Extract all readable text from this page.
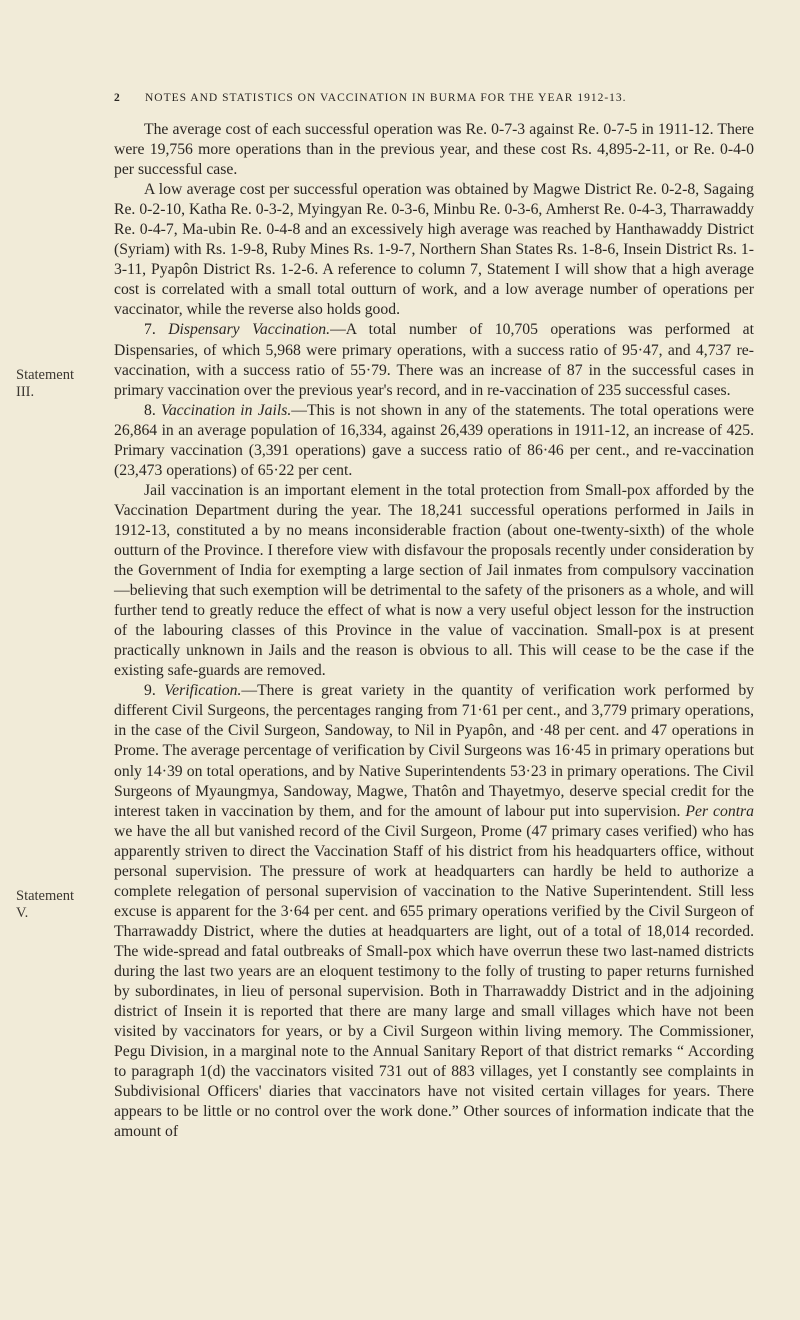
2 NOTES AND STATISTICS ON VACCINATION IN BURMA FOR THE YEAR 1912-13.
Statement III.
Statement V.

The average cost of each successful operation was Re. 0-7-3 against Re. 0-7-5 in 1911-12. There were 19,756 more operations than in the previous year, and these cost Rs. 4,895-2-11, or Re. 0-4-0 per successful case.

A low average cost per successful operation was obtained by Magwe District Re. 0-2-8, Sagaing Re. 0-2-10, Katha Re. 0-3-2, Myingyan Re. 0-3-6, Minbu Re. 0-3-6, Amherst Re. 0-4-3, Tharrawaddy Re. 0-4-7, Ma-ubin Re. 0-4-8 and an excessively high average was reached by Hanthawaddy District (Syriam) with Rs. 1-9-8, Ruby Mines Rs. 1-9-7, Northern Shan States Rs. 1-8-6, Insein District Rs. 1-3-11, Pyapôn District Rs. 1-2-6. A reference to column 7, Statement I will show that a high average cost is correlated with a small total outturn of work, and a low average number of operations per vaccinator, while the reverse also holds good.

7. Dispensary Vaccination.—A total number of 10,705 operations was performed at Dispensaries, of which 5,968 were primary operations, with a success ratio of 95·47, and 4,737 re-vaccination, with a success ratio of 55·79. There was an increase of 87 in the successful cases in primary vaccination over the previous year's record, and in re-vaccination of 235 successful cases.

8. Vaccination in Jails.—This is not shown in any of the statements. The total operations were 26,864 in an average population of 16,334, against 26,439 operations in 1911-12, an increase of 425. Primary vaccination (3,391 operations) gave a success ratio of 86·46 per cent., and re-vaccination (23,473 operations) of 65·22 per cent.

Jail vaccination is an important element in the total protection from Small-pox afforded by the Vaccination Department during the year. The 18,241 successful operations performed in Jails in 1912-13, constituted a by no means inconsiderable fraction (about one-twenty-sixth) of the whole outturn of the Province. I therefore view with disfavour the proposals recently under consideration by the Government of India for exempting a large section of Jail inmates from compulsory vaccination—believing that such exemption will be detrimental to the safety of the prisoners as a whole, and will further tend to greatly reduce the effect of what is now a very useful object lesson for the instruction of the labouring classes of this Province in the value of vaccination. Small-pox is at present practically unknown in Jails and the reason is obvious to all. This will cease to be the case if the existing safe-guards are removed.

9. Verification.—There is great variety in the quantity of verification work performed by different Civil Surgeons, the percentages ranging from 71·61 per cent., and 3,779 primary operations, in the case of the Civil Surgeon, Sandoway, to Nil in Pyapôn, and ·48 per cent. and 47 operations in Prome. The average percentage of verification by Civil Surgeons was 16·45 in primary operations but only 14·39 on total operations, and by Native Superintendents 53·23 in primary operations. The Civil Surgeons of Myaungmya, Sandoway, Magwe, Thatôn and Thayetmyo, deserve special credit for the interest taken in vaccination by them, and for the amount of labour put into supervision. Per contra we have the all but vanished record of the Civil Surgeon, Prome (47 primary cases verified) who has apparently striven to direct the Vaccination Staff of his district from his headquarters office, without personal supervision. The pressure of work at headquarters can hardly be held to authorize a complete relegation of personal supervision of vaccination to the Native Superintendent. Still less excuse is apparent for the 3·64 per cent. and 655 primary operations verified by the Civil Surgeon of Tharrawaddy District, where the duties at headquarters are light, out of a total of 18,014 recorded. The wide-spread and fatal outbreaks of Small-pox which have overrun these two last-named districts during the last two years are an eloquent testimony to the folly of trusting to paper returns furnished by subordinates, in lieu of personal supervision. Both in Tharrawaddy District and in the adjoining district of Insein it is reported that there are many large and small villages which have not been visited by vaccinators for years, or by a Civil Surgeon within living memory. The Commissioner, Pegu Division, in a marginal note to the Annual Sanitary Report of that district remarks “ According to paragraph 1(d) the vaccinators visited 731 out of 883 villages, yet I constantly see complaints in Subdivisional Officers' diaries that vaccinators have not visited certain villages for years. There appears to be little or no control over the work done.” Other sources of information indicate that the amount of
